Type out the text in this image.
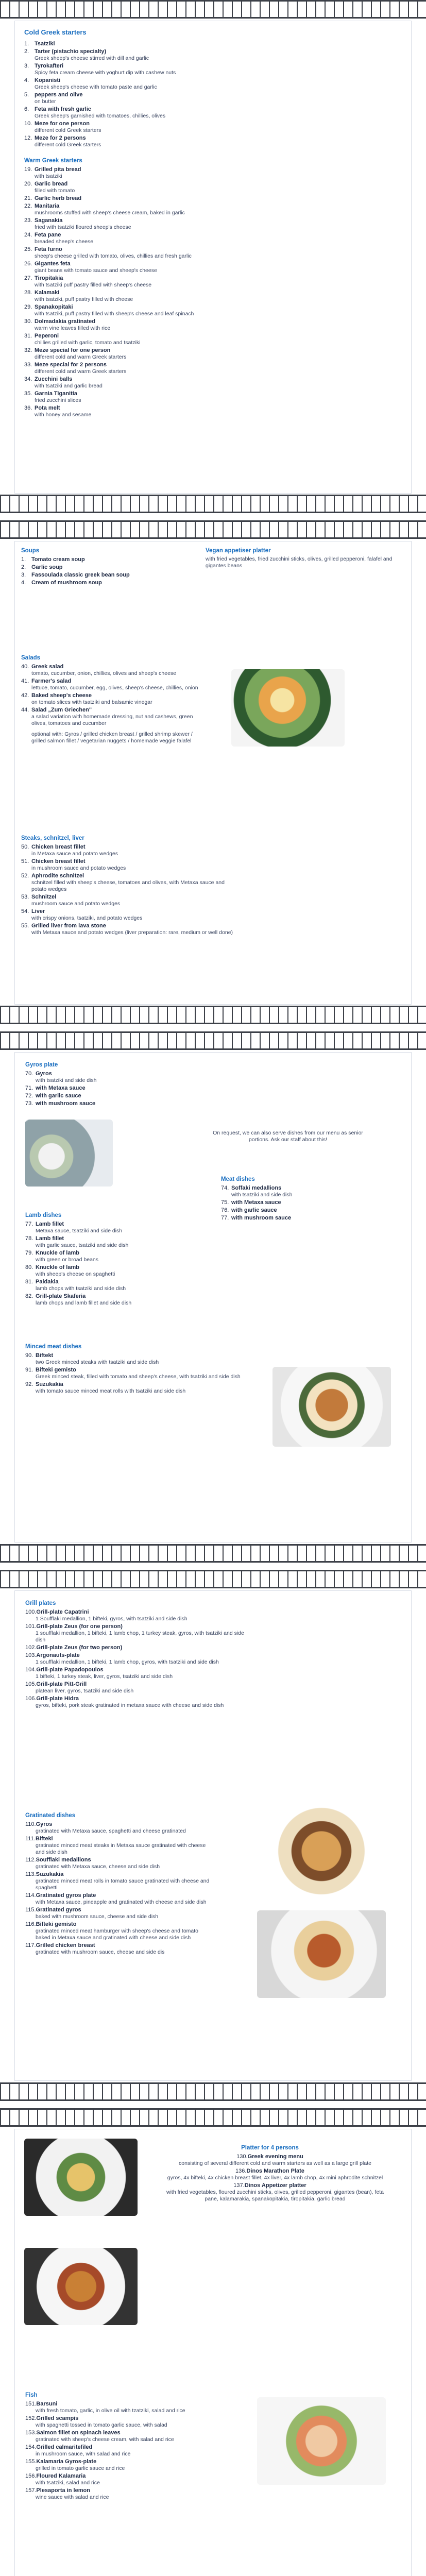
Cold Greek starters
1. Tsatziki
2. Tarter (pistachio specialty)
Greek sheep's cheese stirred with dill and garlic
3. Tyrokafteri
Spicy feta cream cheese with yoghurt dip with cashew nuts
4. Kopanisti
Greek sheep's cheese with tomato paste and garlic
5. peppers and olive
on butter
6. Feta with fresh garlic
Greek sheep's garnished with tomatoes, chillies, olives
10. Meze for one person
different cold Greek starters
12. Meze for 2 persons
different cold Greek starters
Warm Greek starters
19. Grilled pita bread
with tsatziki
20. Garlic bread
filled with tomato
21. Garlic herb bread
22. Manitaria
mushrooms stuffed with sheep's cheese cream, baked in garlic
23. Saganakia
fried with tsatziki floured sheep's cheese
24. Feta pane
breaded sheep's cheese
25. Feta furno
sheep's cheese grilled with tomato, olives, chillies and fresh garlic
26. Gigantes feta
giant beans with tomato sauce and sheep's cheese
27. Tiropitakia
with tsatziki puff pastry filled with sheep's cheese
28. Kalamaki
with tsatziki, puff pastry filled with cheese
29. Spanakopitaki
with tsatziki, puff pastry filled with sheep's cheese and leaf spinach
30. Dolmadakia gratinated
warm vine leaves filled with rice
31. Peperoni
chillies grilled with garlic, tomato and tsatziki
32. Meze special for one person
different cold and warm Greek starters
33. Meze special for 2 persons
different cold and warm Greek starters
34. Zucchini balls
with tsatziki and garlic bread
35. Garnia Tiganitia
fried zucchini slices
36. Pota melt
with honey and sesame
Soups
1. Tomato cream soup
2. Garlic soup
3. Fassoulada classic greek bean soup
4. Cream of mushroom soup
Vegan appetiser platter
with fried vegetables, fried zucchini sticks, olives, grilled pepperoni, falafel and gigantes beans
Salads
40. Greek salad
tomato, cucumber, onion, chillies, olives and sheep's cheese
41. Farmer's salad
lettuce, tomato, cucumber, egg, olives, sheep's cheese, chillies, onion
42. Baked sheep's cheese
on tomato slices with tsatziki and balsamic vinegar
44. Salad „Zum Griechen"
a salad variation with homemade dressing, nut and cashews, green olives, tomatoes and cucumber
optional with: Gyros / grilled chicken breast / grilled shrimp skewer / grilled salmon fillet / vegetarian nuggets / homemade veggie falafel
Steaks, schnitzel, liver
50. Chicken breast fillet
in Metaxa sauce and potato wedges
51. Chicken breast fillet
in mushroom sauce and potato wedges
52. Aphrodite schnitzel
schnitzel filled with sheep's cheese, tomatoes and olives, with Metaxa sauce and potato wedges
53. Schnitzel
mushroom sauce and potato wedges
54. Liver
with crispy onions, tsatziki, and potato wedges
55. Grilled liver from lava stone
with Metaxa sauce and potato wedges (liver preparation: rare, medium or well done)
Gyros plate
70. Gyros
with tsatziki and side dish
71. with Metaxa sauce
72. with garlic sauce
73. with mushroom sauce
On request, we can also serve dishes from our menu as senior portions. Ask our staff about this!
Meat dishes
74. Soffaki medallions
with tsatziki and side dish
75. with Metaxa sauce
76. with garlic sauce
77. with mushroom sauce
Lamb dishes
77. Lamb fillet
Metaxa sauce, tsatziki and side dish
78. Lamb fillet
with garlic sauce, tsatziki and side dish
79. Knuckle of lamb
with green or broad beans
80. Knuckle of lamb
with sheep's cheese on spaghetti
81. Paidakia
lamb chops with tsatziki and side dish
82. Grill-plate Skaferia
lamb chops and lamb fillet and side dish
Minced meat dishes
90. Biftekt
two Greek minced steaks with tsatziki and side dish
91. Bifteki gemisto
Greek minced steak, filled with tomato and sheep's cheese, with tsatziki and side dish
92. Suzukakia
with tomato sauce minced meat rolls with tsatziki and side dish
Grill plates
100.Grill-plate Capatrini
1 Soufflaki medallion, 1 bifteki, gyros, with tsatziki and side dish
101.Grill-plate Zeus (for one person)
1 soufflaki medallion, 1 bifteki, 1 lamb chop, 1 turkey steak, gyros, with tsatziki and side dish
102.Grill-plate Zeus (for two person)
103.Argonauts-plate
1 soufflaki medallion, 1 bifteki, 1 lamb chop, gyros, with tsatziki and side dish
104.Grill-plate Papadopoulos
1 bifteki, 1 turkey steak, liver, gyros, tsatziki and side dish
105.Grill-plate Pitt-Grill
platean liver, gyros, tsatziki and side dish
106.Grill-plate Hidra
gyros, bifteki, pork steak gratinated in metaxa sauce with cheese and side dish
Gratinated dishes
110.Gyros
gratinated with Metaxa sauce, spaghetti and cheese gratinated
111.Bifteki
gratinated minced meat steaks in Metaxa sauce gratinated with cheese and side dish
112.Soufflaki medallions
gratinated with Metaxa sauce, cheese and side dish
113.Suzukakia
gratinated minced meat rolls in tomato sauce gratinated with cheese and spaghetti
114.Gratinated gyros plate
with Metaxa sauce, pineapple and gratinated with cheese and side dish
115.Gratinated gyros
baked with mushroom sauce, cheese and side dish
116.Bifteki gemisto
gratinated minced meat hamburger with sheep's cheese and tomato baked in Metaxa sauce and gratinated with cheese and side dish
117.Grilled chicken breast
gratinated with mushroom sauce, cheese and side dis
Platter for 4 persons
130.Greek evening menu
consisting of several different cold and warm starters as well as a large grill plate
136.Dinos Marathon Plate
gyros, 4x bifteki, 4x chicken breast fillet, 4x liver, 4x lamb chop, 4x mini aphrodite schnitzel
137.Dinos Appetizer platter
with fried vegetables, floured zucchini sticks, olives, grilled pepperoni, gigantes (bean), feta pane, kalamarakia, spanakopitakia, tiropitakia, garlic bread
Fish
151.Barsuni
with fresh tomato, garlic, in olive oil with tzatziki, salad and rice
152.Grilled scampis
with spaghetti tossed in tomato garlic sauce, with salad
153.Salmon fillet on spinach leaves
gratinated with sheep's cheese cream, with salad and rice
154.Grilled calmaritefiled
in mushroom sauce, with salad and rice
155.Kalamaria Gyros-plate
grilled in tomato garlic sauce and rice
156.Floured Kalamaria
with tsatziki, salad and rice
157.Plesaporta in lemon
wine sauce with salad and rice
